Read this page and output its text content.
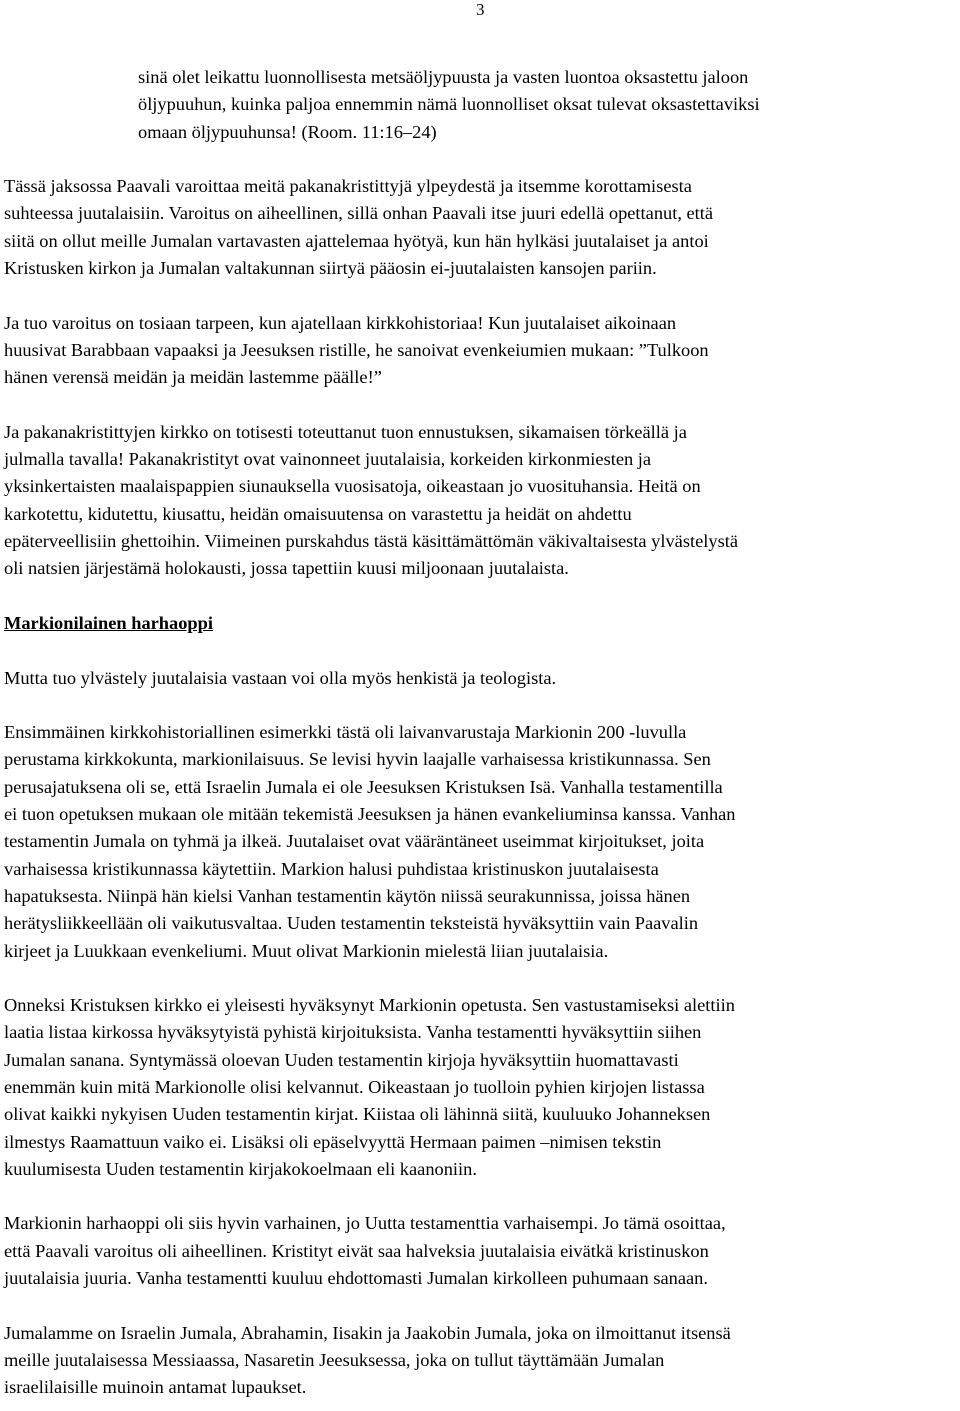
3
sinä olet leikattu luonnollisesta metsäöljypuusta ja vasten luontoa oksastettu jaloon
öljypuuhun, kuinka paljoa ennemmin nämä luonnolliset oksat tulevat oksastettaviksi
omaan öljypuuhunsa! (Room. 11:16–24)
Tässä jaksossa Paavali varoittaa meitä pakanakristittyjä ylpeydestä ja itsemme korottamisesta
suhteessa juutalaisiin. Varoitus on aiheellinen, sillä onhan Paavali itse juuri edellä opettanut, että
siitä on ollut meille Jumalan vartavasten ajattelemaa hyötyä, kun hän hylkäsi juutalaiset ja antoi
Kristusken kirkon ja Jumalan valtakunnan siirtyä pääosin ei-juutalaisten kansojen pariin.
Ja tuo varoitus on tosiaan tarpeen, kun ajatellaan kirkkohistoriaa! Kun juutalaiset aikoinaan
huusivat Barabbaan vapaaksi ja Jeesuksen ristille, he sanoivat evenkeiumien mukaan: ”Tulkoon
hänen verensä meidän ja meidän lastemme päälle!”
Ja pakanakristittyjen kirkko on totisesti toteuttanut tuon ennustuksen, sikamaisen törkeällä ja
julmalla tavalla! Pakanakristityt ovat vainonneet juutalaisia, korkeiden kirkonmiesten ja
yksinkertaisten maalaispappien siunauksella vuosisatoja, oikeastaan jo vuosituhansia. Heitä on
karkotettu, kidutettu, kiusattu, heidän omaisuutensa on varastettu ja heidät on ahdettu
epäterveellisiin ghettoihin. Viimeinen purskahdus tästä käsittämättömän väkivaltaisesta ylvästelystä
oli natsien järjestämä holokausti, jossa tapettiin kuusi miljoonaan juutalaista.
Markionilainen harhaoppi
Mutta tuo ylvästely juutalaisia vastaan voi olla myös henkistä ja teologista.
Ensimmäinen kirkkohistoriallinen esimerkki tästä oli laivanvarustaja Markionin 200 -luvulla
perustama kirkkokunta, markionilaisuus. Se levisi hyvin laajalle varhaisessa kristikunnassa. Sen
perusajatuksena oli se, että Israelin Jumala ei ole Jeesuksen Kristuksen Isä. Vanhalla testamentilla
ei tuon opetuksen mukaan ole mitään tekemistä Jeesuksen ja hänen evankeliuminsa kanssa. Vanhan
testamentin Jumala on tyhmä ja ilkeä. Juutalaiset ovat vääräntäneet useimmat kirjoitukset, joita
varhaisessa kristikunnassa käytettiin. Markion halusi puhdistaa kristinuskon juutalaisesta
hapatuksesta. Niinpä hän kielsi Vanhan testamentin käytön niissä seurakunnissa, joissa hänen
herätysliikkeellään oli vaikutusvaltaa. Uuden testamentin teksteistä hyväksyttiin vain Paavalin
kirjeet ja Luukkaan evenkeliumi. Muut olivat Markionin mielestä liian juutalaisia.
Onneksi Kristuksen kirkko ei yleisesti hyväksynyt Markionin opetusta. Sen vastustamiseksi alettiin
laatia listaa kirkossa hyväksytyistä pyhistä kirjoituksista. Vanha testamentti hyväksyttiin siihen
Jumalan sanana. Syntymässä oloevan Uuden testamentin kirjoja hyväksyttiin huomattavasti
enemmän kuin mitä Markionolle olisi kelvannut. Oikeastaan jo tuolloin pyhien kirjojen listassa
olivat kaikki nykyisen Uuden testamentin kirjat. Kiistaa oli lähinnä siitä, kuuluuko Johanneksen
ilmestys Raamattuun vaiko ei. Lisäksi oli epäselvyyttä Hermaan paimen –nimisen tekstin
kuulumisesta Uuden testamentin kirjakokoelmaan eli kaanoniin.
Markionin harhaoppi oli siis hyvin varhainen, jo Uutta testamenttia varhaisempi. Jo tämä osoittaa,
että Paavali varoitus oli aiheellinen. Kristityt eivät saa halveksia juutalaisia eivätkä kristinuskon
juutalaisia juuria. Vanha testamentti kuuluu ehdottomasti Jumalan kirkolleen puhumaan sanaan.
Jumalamme on Israelin Jumala, Abrahamin, Iisakin ja Jaakobin Jumala, joka on ilmoittanut itsensä
meille juutalaisessa Messiaassa, Nasaretin Jeesuksessa, joka on tullut täyttämään Jumalan
israelilaisille muinoin antamat lupaukset.
